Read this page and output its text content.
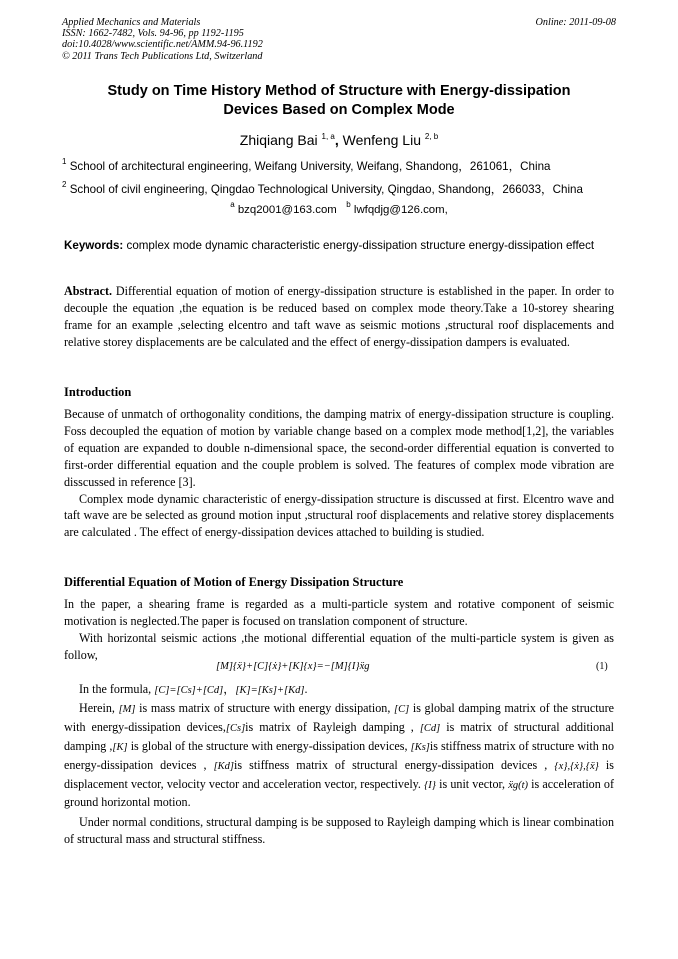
Applied Mechanics and Materials
ISSN: 1662-7482, Vols. 94-96, pp 1192-1195
doi:10.4028/www.scientific.net/AMM.94-96.1192
© 2011 Trans Tech Publications Ltd, Switzerland
Online: 2011-09-08
Study on Time History Method of Structure with Energy-dissipation
Devices Based on Complex Mode
Zhiqiang Bai $^{1, a}$, Wenfeng Liu $^{2, b}$
$^1$ School of architectural engineering, Weifang University, Weifang, Shandong，261061，China
$^2$ School of civil engineering, Qingdao Technological University, Qingdao, Shandong，266033，China
$^a$ bzq2001@163.com $^b$ lwfqdjg@126.com,
Keywords: complex mode dynamic characteristic energy-dissipation structure energy-dissipation effect

Abstract. Differential equation of motion of energy-dissipation structure is established in the paper. In order to decouple the equation ,the equation is be reduced based on complex mode theory.Take a 10-storey shearing frame for an example ,selecting elcentro and taft wave as seismic motions ,structural roof displacements and relative storey displacements are be calculated and the effect of energy-dissipation dampers is evaluated.

Introduction

Because of unmatch of orthogonality conditions, the damping matrix of energy-dissipation structure is coupling. Foss decoupled the equation of motion by variable change based on a complex mode method[1,2], the variables of equation are expanded to double n-dimensional space, the second-order differential equation is converted to first-order differential equation and the couple problem is solved. The features of complex mode vibration are disscussed in reference [3].

Complex mode dynamic characteristic of energy-dissipation structure is discussed at first. Elcentro wave and taft wave are be selected as ground motion input ,structural roof displacements and relative storey displacements are calculated . The effect of energy-dissipation devices attached to building is studied.

Differential Equation of Motion of Energy Dissipation Structure

In the paper, a shearing frame is regarded as a multi-particle system and rotative component of seismic motivation is neglected.The paper is focused on translation component of structure.

With horizontal seismic actions ,the motional differential equation of the multi-particle system is given as follow,

[M]{ẍ}+[C]{ẋ}+[K]{x}=−[M]{I}ẍg	(1)

In the formula, [C]=[Cs]+[Cd]，[K]=[Ks]+[Kd].

Herein, [M] is mass matrix of structure with energy dissipation, [C] is global damping matrix of the structure with energy-dissipation devices,[Cs]is matrix of Rayleigh damping , [Cd] is matrix of structural additional damping ,[K] is global of the structure with energy-dissipation devices, [Ks]is stiffness matrix of structure with no energy-dissipation devices , [Kd]is stiffness matrix of structural energy-dissipation devices , {x},{ẋ},{ẍ} is displacement vector, velocity vector and acceleration vector, respectively. {I} is unit vector, ẍg(t) is acceleration of ground horizontal motion.

Under normal conditions, structural damping is be supposed to Rayleigh damping which is linear combination of structural mass and structural stiffness.
